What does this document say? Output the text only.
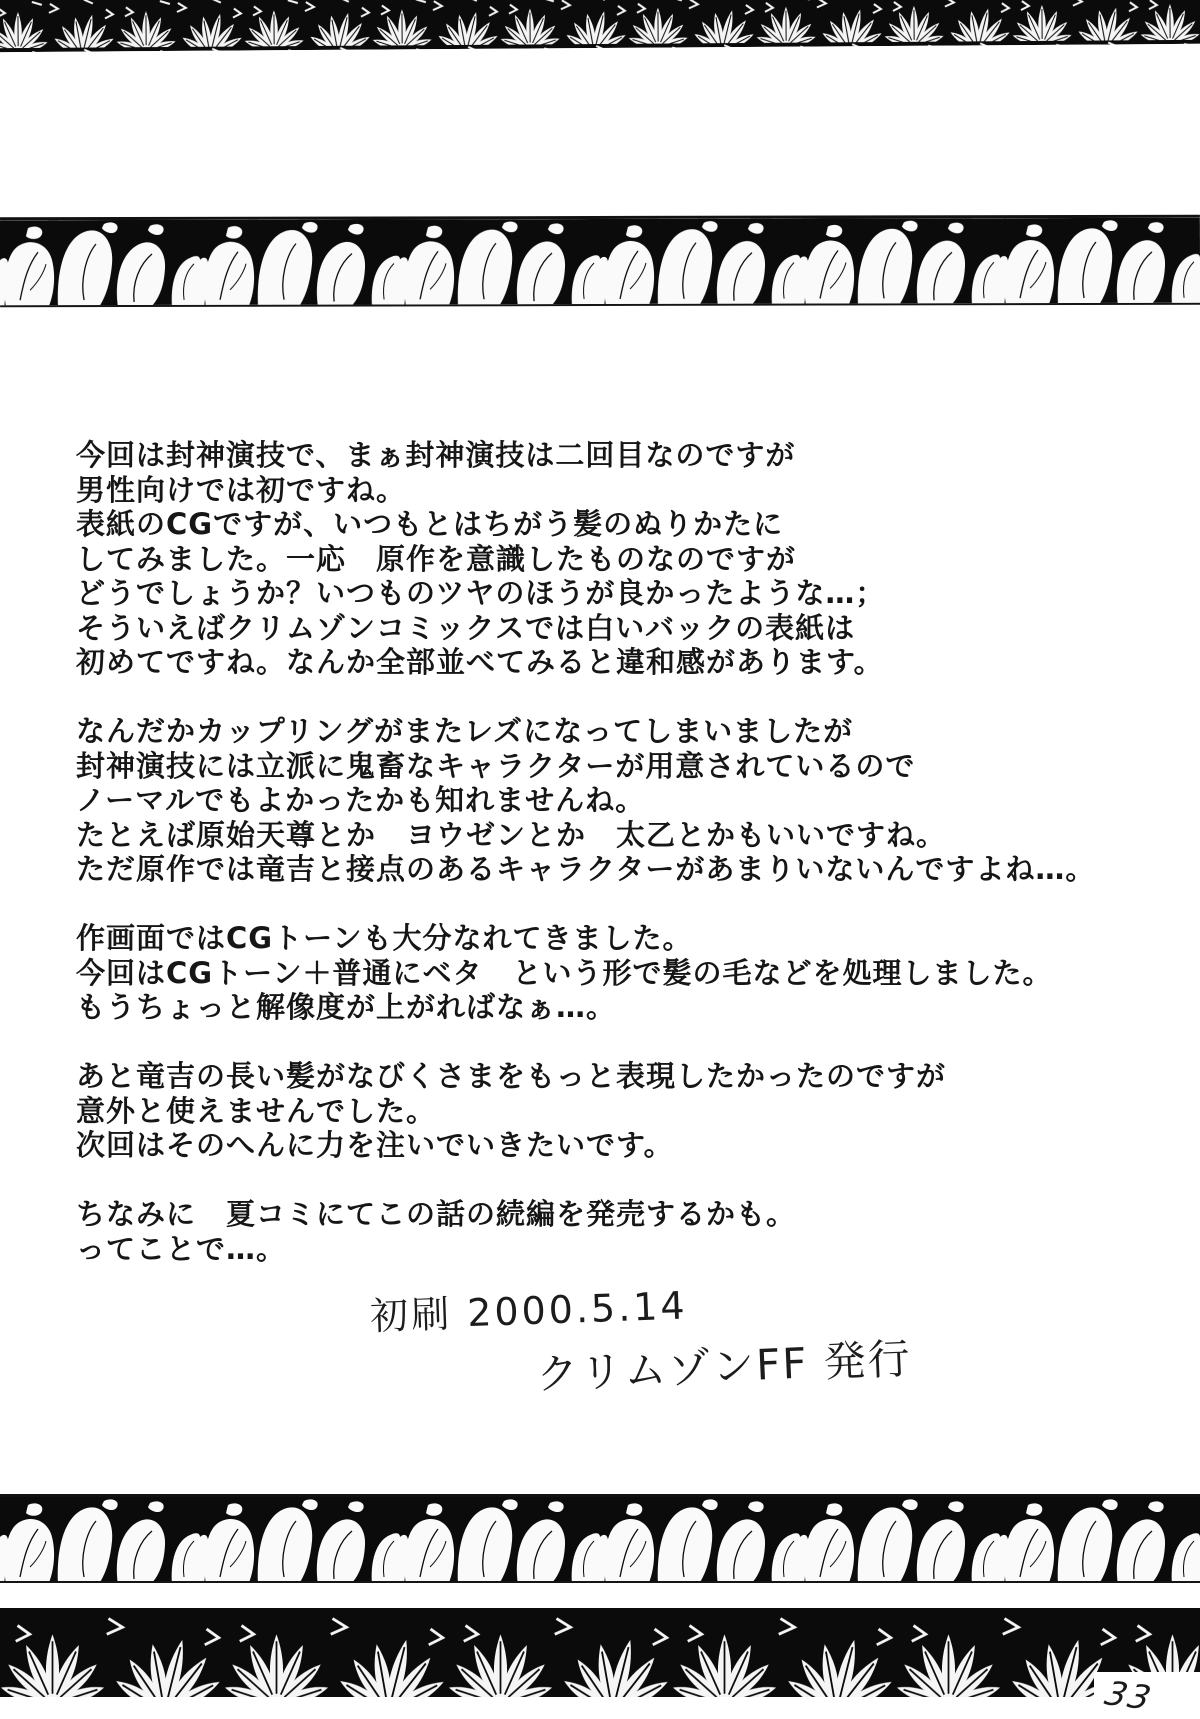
今回は封神演技で、まぁ封神演技は二回目なのですが
男性向けでは初ですね。
表紙のCGですが、いつもとはちがう髪のぬりかたに
してみました。一応　原作を意識したものなのですが
どうでしょうか？いつものツヤのほうが良かったような…；
そういえばクリムゾンコミックスでは白いバックの表紙は
初めてですね。なんか全部並べてみると違和感があります。

なんだかカップリングがまたレズになってしまいましたが
封神演技には立派に鬼畜なキャラクターが用意されているので
ノーマルでもよかったかも知れませんね。
たとえば原始天尊とか　ヨウゼンとか　太乙とかもいいですね。
ただ原作では竜吉と接点のあるキャラクターがあまりいないんですよね…。

作画面ではCGトーンも大分なれてきました。
今回はCGトーン＋普通にベタ　という形で髪の毛などを処理しました。
もうちょっと解像度が上がればなぁ…。

あと竜吉の長い髪がなびくさまをもっと表現したかったのですが
意外と使えませんでした。
次回はそのへんに力を注いでいきたいです。

ちなみに　夏コミにてこの話の続編を発売するかも。
ってことで…。
初刷 2000.5.14
クリムゾンFF 発行
33
